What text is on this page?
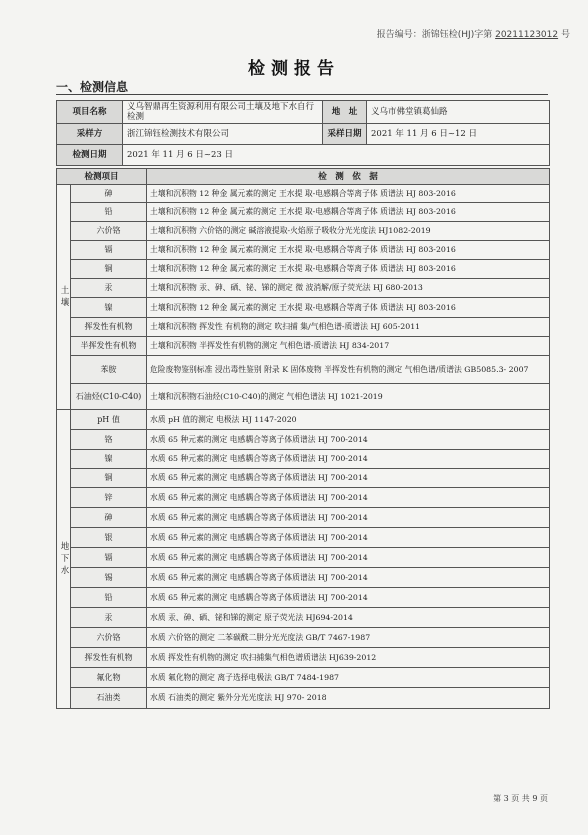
报告编号：浙锦钰检(HJ)字第 20211123012 号
检测报告
一、检测信息
项目名称	义乌智鼎再生资源利用有限公司土壤及地下水自行检测	地　址	义乌市佛堂镇葛仙路
采样方	浙江锦钰检测技术有限公司	采样日期	2021 年 11 月 6 日~12 日
检测日期	2021 年 11 月 6 日~23 日		
检测项目		检　测　依　据
土壤	砷	土壤和沉积物 12 种金 属元素的测定 王水提 取-电感耦合等离子体 质谱法 HJ 803-2016
	铅	土壤和沉积物 12 种金 属元素的测定 王水提 取-电感耦合等离子体 质谱法 HJ 803-2016
	六价铬	土壤和沉积物 六价铬的测定 碱溶液提取-火焰原子吸收分光光度法 HJ1082-2019
	镉	土壤和沉积物 12 种金 属元素的测定 王水提 取-电感耦合等离子体 质谱法 HJ 803-2016
	铜	土壤和沉积物 12 种金 属元素的测定 王水提 取-电感耦合等离子体 质谱法 HJ 803-2016
	汞	土壤和沉积物 汞、砷、硒、铋、锑的测定 微 波消解/原子荧光法 HJ 680-2013
	镍	土壤和沉积物 12 种金 属元素的测定 王水提 取-电感耦合等离子体 质谱法 HJ 803-2016
	挥发性有机物	土壤和沉积物 挥发性 有机物的测定 吹扫捕 集/气相色谱-质谱法 HJ 605-2011
	半挥发性有机物	土壤和沉积物 半挥发性有机物的测定 气相色谱-质谱法 HJ 834-2017
	苯胺	危险废物鉴别标准 浸出毒性鉴别 附录 K 固体废物 半挥发性有机物的测定 气相色谱/质谱法 GB5085.3- 2007
	石油烃(C10-C40)	土壤和沉积物石油烃(C10-C40)的测定 气相色谱法 HJ 1021-2019
地下水	pH 值	水质 pH 值的测定 电极法 HJ 1147-2020
	铬	水质 65 种元素的测定 电感耦合等离子体质谱法 HJ 700-2014
	镍	水质 65 种元素的测定 电感耦合等离子体质谱法 HJ 700-2014
	铜	水质 65 种元素的测定 电感耦合等离子体质谱法 HJ 700-2014
	锌	水质 65 种元素的测定 电感耦合等离子体质谱法 HJ 700-2014
	砷	水质 65 种元素的测定 电感耦合等离子体质谱法 HJ 700-2014
	银	水质 65 种元素的测定 电感耦合等离子体质谱法 HJ 700-2014
	镉	水质 65 种元素的测定 电感耦合等离子体质谱法 HJ 700-2014
	锡	水质 65 种元素的测定 电感耦合等离子体质谱法 HJ 700-2014
	铅	水质 65 种元素的测定 电感耦合等离子体质谱法 HJ 700-2014
	汞	水质 汞、砷、硒、铋和锑的测定 原子荧光法 HJ694-2014
	六价铬	水质 六价铬的测定 二苯碳酰二肼分光光度法 GB/T 7467-1987
	挥发性有机物	水质 挥发性有机物的测定 吹扫捕集气相色谱质谱法 HJ639-2012
	氟化物	水质 氟化物的测定 离子选择电极法 GB/T 7484-1987
	石油类	水质 石油类的测定 紫外分光光度法 HJ 970- 2018
第 3 页 共 9 页
